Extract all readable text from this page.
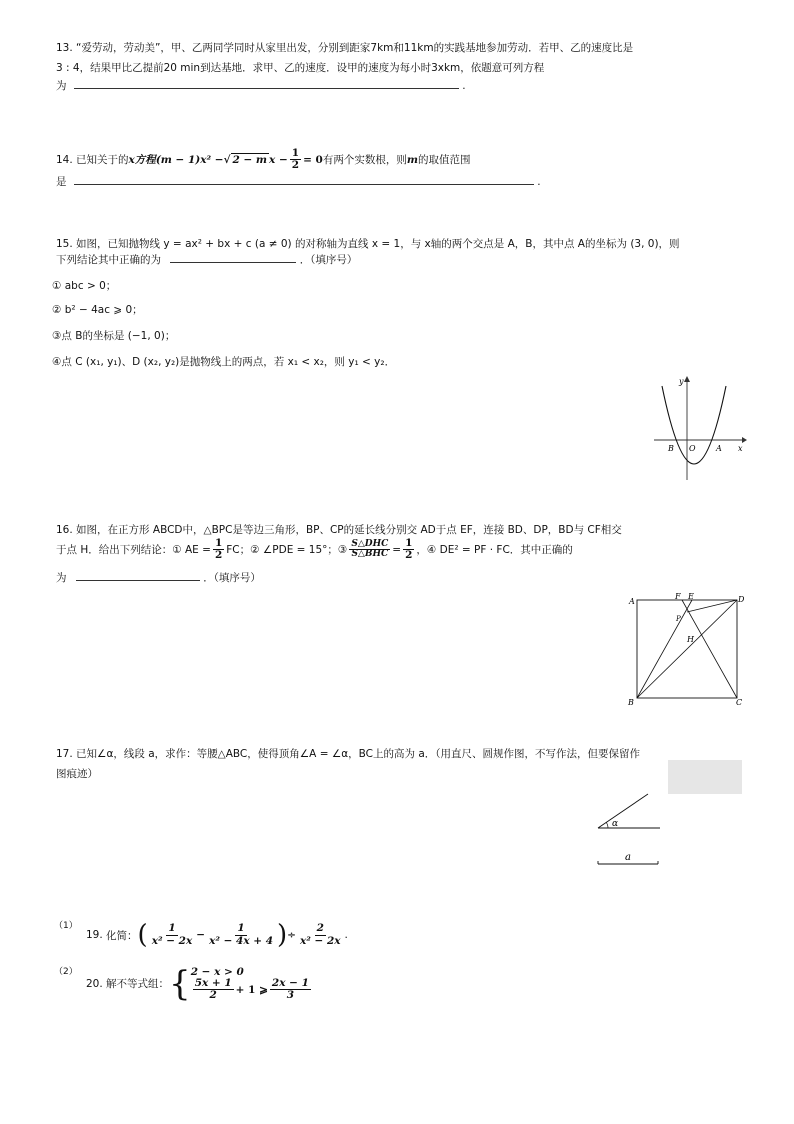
13. “爱劳动，劳动美”，甲、乙两同学同时从家里出发，分别到距家7km和11km的实践基地参加劳动．若甲、乙的速度比是
3 : 4，结果甲比乙提前20 min到达基地．求甲、乙的速度．设甲的速度为每小时3xkm，依题意可列方程
为	.
14.
已知关于的 x方程 (m − 1)x² − √ 2 − m $x - \frac{1}{2} = 0$ 有两个实数根，则 m 的取值范围
是	.
15. 如图，已知抛物线 y = ax² + bx + c (a ≠ 0) 的对称轴为直线 x = 1，与 x轴的两个交点是 A，B，其中点 A的坐标为 (3, 0)，则
下列结论其中正确的为	．（填序号）
① abc > 0；
② b² − 4ac ⩾ 0；
③点 B的坐标是 (−1, 0)；
④点 C (x₁, y₁)、D (x₂, y₂)是抛物线上的两点，若 x₁ < x₂，则 y₁ < y₂．
y
B O	A x
16. 如图，在正方形 ABCD中，△BPC是等边三角形，BP、CP的延长线分别交 AD于点 EF，连接 BD、DP，BD与 CF相交
于点 H．给出下列结论：① AE = $\frac{1}{2}$ FC；② ∠PDE = 15°；③ $\frac{\text{S△DHC}}{\text{S△BHC}} = \frac{1}{2}$ ，④ DE² = PF · FC．其中正确的
为	．（填序号）
A
F E	D
P
H
B	C
17. 已知∠α，线段 a，求作：等腰△ABC，使得顶角∠A = ∠α，BC上的高为 a．（用直尺、圆规作图，不写作法，但要保留作
图痕迹）
α
a
（1）
19.
化简： ( $\frac{1}{\text{x² − 2x}} - \frac{1}{\text{x² − 4x + 4}}$ ) ÷ $\frac{2}{\text{x² − 2x}}$ .
（2）
20.
解不等式组： { 2 − x > 0
$\frac{5x + 1}{2} + 1$ ⩾ $\frac{2x - 1}{3}$
